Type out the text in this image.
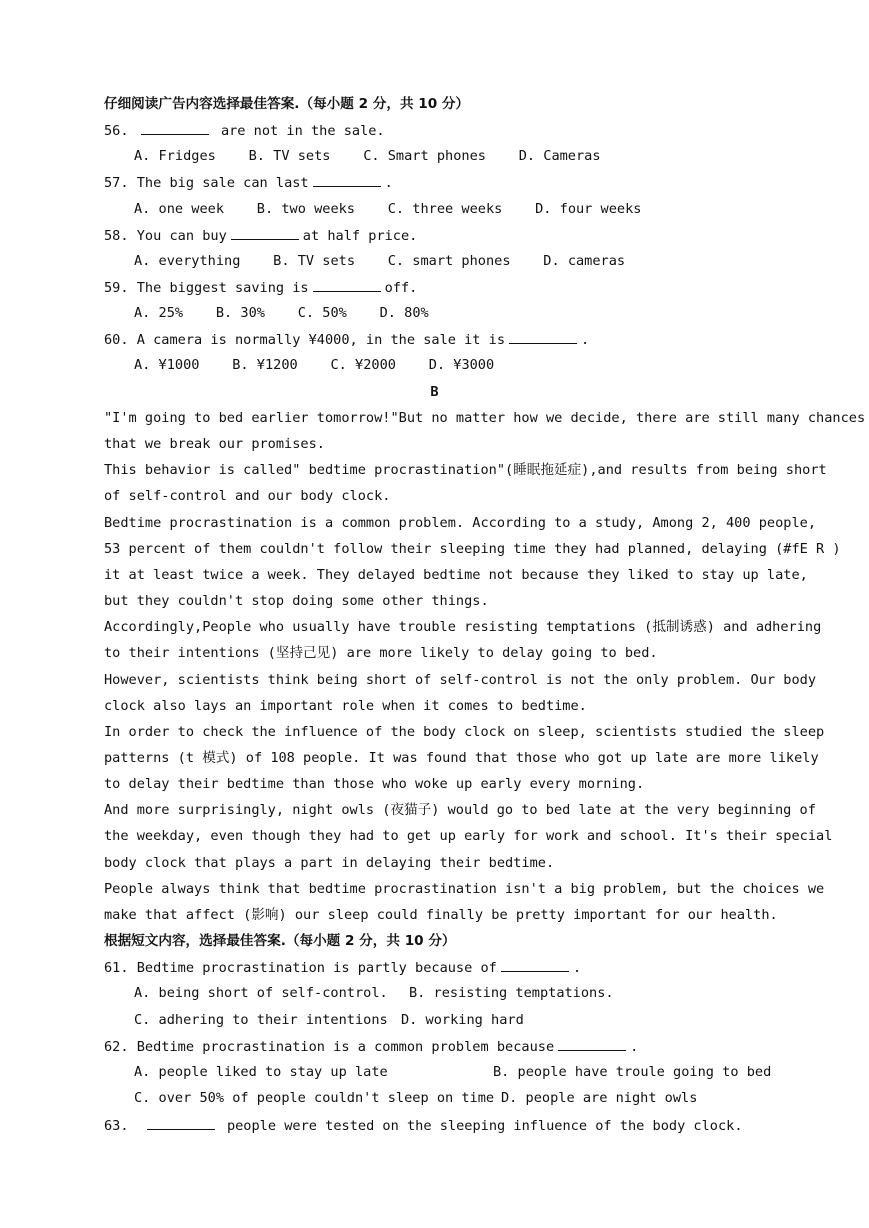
仔细阅读广告内容选择最佳答案.（每小题 2 分，共 10 分）
56.	are not in the sale.
A. Fridges B. TV sets C. Smart phones D. Cameras
57. The big sale can last	.
A. one week B. two weeks C. three weeks D. four weeks
58. You can buy	at half price.
A. everything B. TV sets C. smart phones D. cameras
59. The biggest saving is	off.
A. 25% B. 30% C. 50% D. 80%
60. A camera is normally ¥4000, in the sale it is	.
A. ¥1000 B. ¥1200 C. ¥2000 D. ¥3000
B
"I'm going to bed earlier tomorrow!"But no matter how we decide, there are still many chances
that we break our promises.
This behavior is called" bedtime procrastination"(睡眠拖延症),and results from being short
of self-control and our body clock.
Bedtime procrastination is a common problem. According to a study, Among 2, 400 people,
53 percent of them couldn't follow their sleeping time they had planned, delaying (#fE R )
it at least twice a week. They delayed bedtime not because they liked to stay up late,
but they couldn't stop doing some other things.
Accordingly,People who usually have trouble resisting temptations (抵制诱惑) and adhering
to their intentions (坚持己见) are more likely to delay going to bed.
However, scientists think being short of self-control is not the only problem. Our body
clock also lays an important role when it comes to bedtime.
In order to check the influence of the body clock on sleep, scientists studied the sleep
patterns (t 模式) of 108 people. It was found that those who got up late are more likely
to delay their bedtime than those who woke up early every morning.
And more surprisingly, night owls (夜猫子) would go to bed late at the very beginning of
the weekday, even though they had to get up early for work and school. It's their special
body clock that plays a part in delaying their bedtime.
People always think that bedtime procrastination isn't a big problem, but the choices we
make that affect (影响) our sleep could finally be pretty important for our health.
根据短文内容，选择最佳答案.（每小题 2 分，共 10 分）
61. Bedtime procrastination is partly because of	.
A. being short of self-control. B. resisting temptations.
C. adhering to their intentions D. working hard
62. Bedtime procrastination is a common problem because	.
A. people liked to stay up late	B. people have troule going to bed
C. over 50% of people couldn't sleep on time D. people are night owls
63.	people were tested on the sleeping influence of the body clock.
